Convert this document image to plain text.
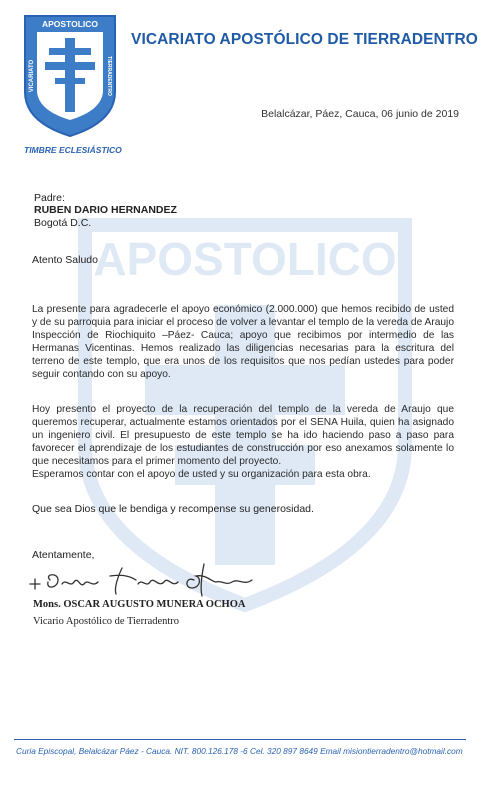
APOSTOLICO
APOSTOLICO
VICARIATO	TIERRADENTRO
VICARIATO APOSTÓLICO DE TIERRADENTRO
TIMBRE ECLESIÁSTICO
Belalcázar, Páez, Cauca, 06 junio de 2019
Padre:
RUBEN DARIO HERNANDEZ
Bogotá D.C.
Atento Saludo

La presente para agradecerle el apoyo económico (2.000.000) que hemos recibido de usted y de su parroquia para iniciar el proceso de volver a levantar el templo de la vereda de Araujo Inspección de Riochiquito –Páez- Cauca; apoyo que recibimos por intermedio de las Hermanas Vicentinas. Hemos realizado las diligencias necesarias para la escritura del terreno de este templo, que era unos de los requisitos que nos pedían ustedes para poder seguir contando con su apoyo.

Hoy presento el proyecto de la recuperación del templo de la vereda de Araujo que queremos recuperar, actualmente estamos orientados por el SENA Huila, quien ha asignado un ingeniero civil. El presupuesto de este templo se ha ido haciendo paso a paso para favorecer el aprendizaje de los estudiantes de construcción por eso anexamos solamente lo que necesitamos para el primer momento del proyecto.

Esperamos contar con el apoyo de usted y su organización para esta obra.

Que sea Dios que le bendiga y recompense su generosidad.
Atentamente,
Mons. OSCAR AUGUSTO MUNERA OCHOA
Vicario Apostólico de Tierradentro
Curia Episcopal, Belalcázar Páez - Cauca. NIT. 800.126.178 -6 Cel. 320 897 8649 Email misiontierradentro@hotmail.com
